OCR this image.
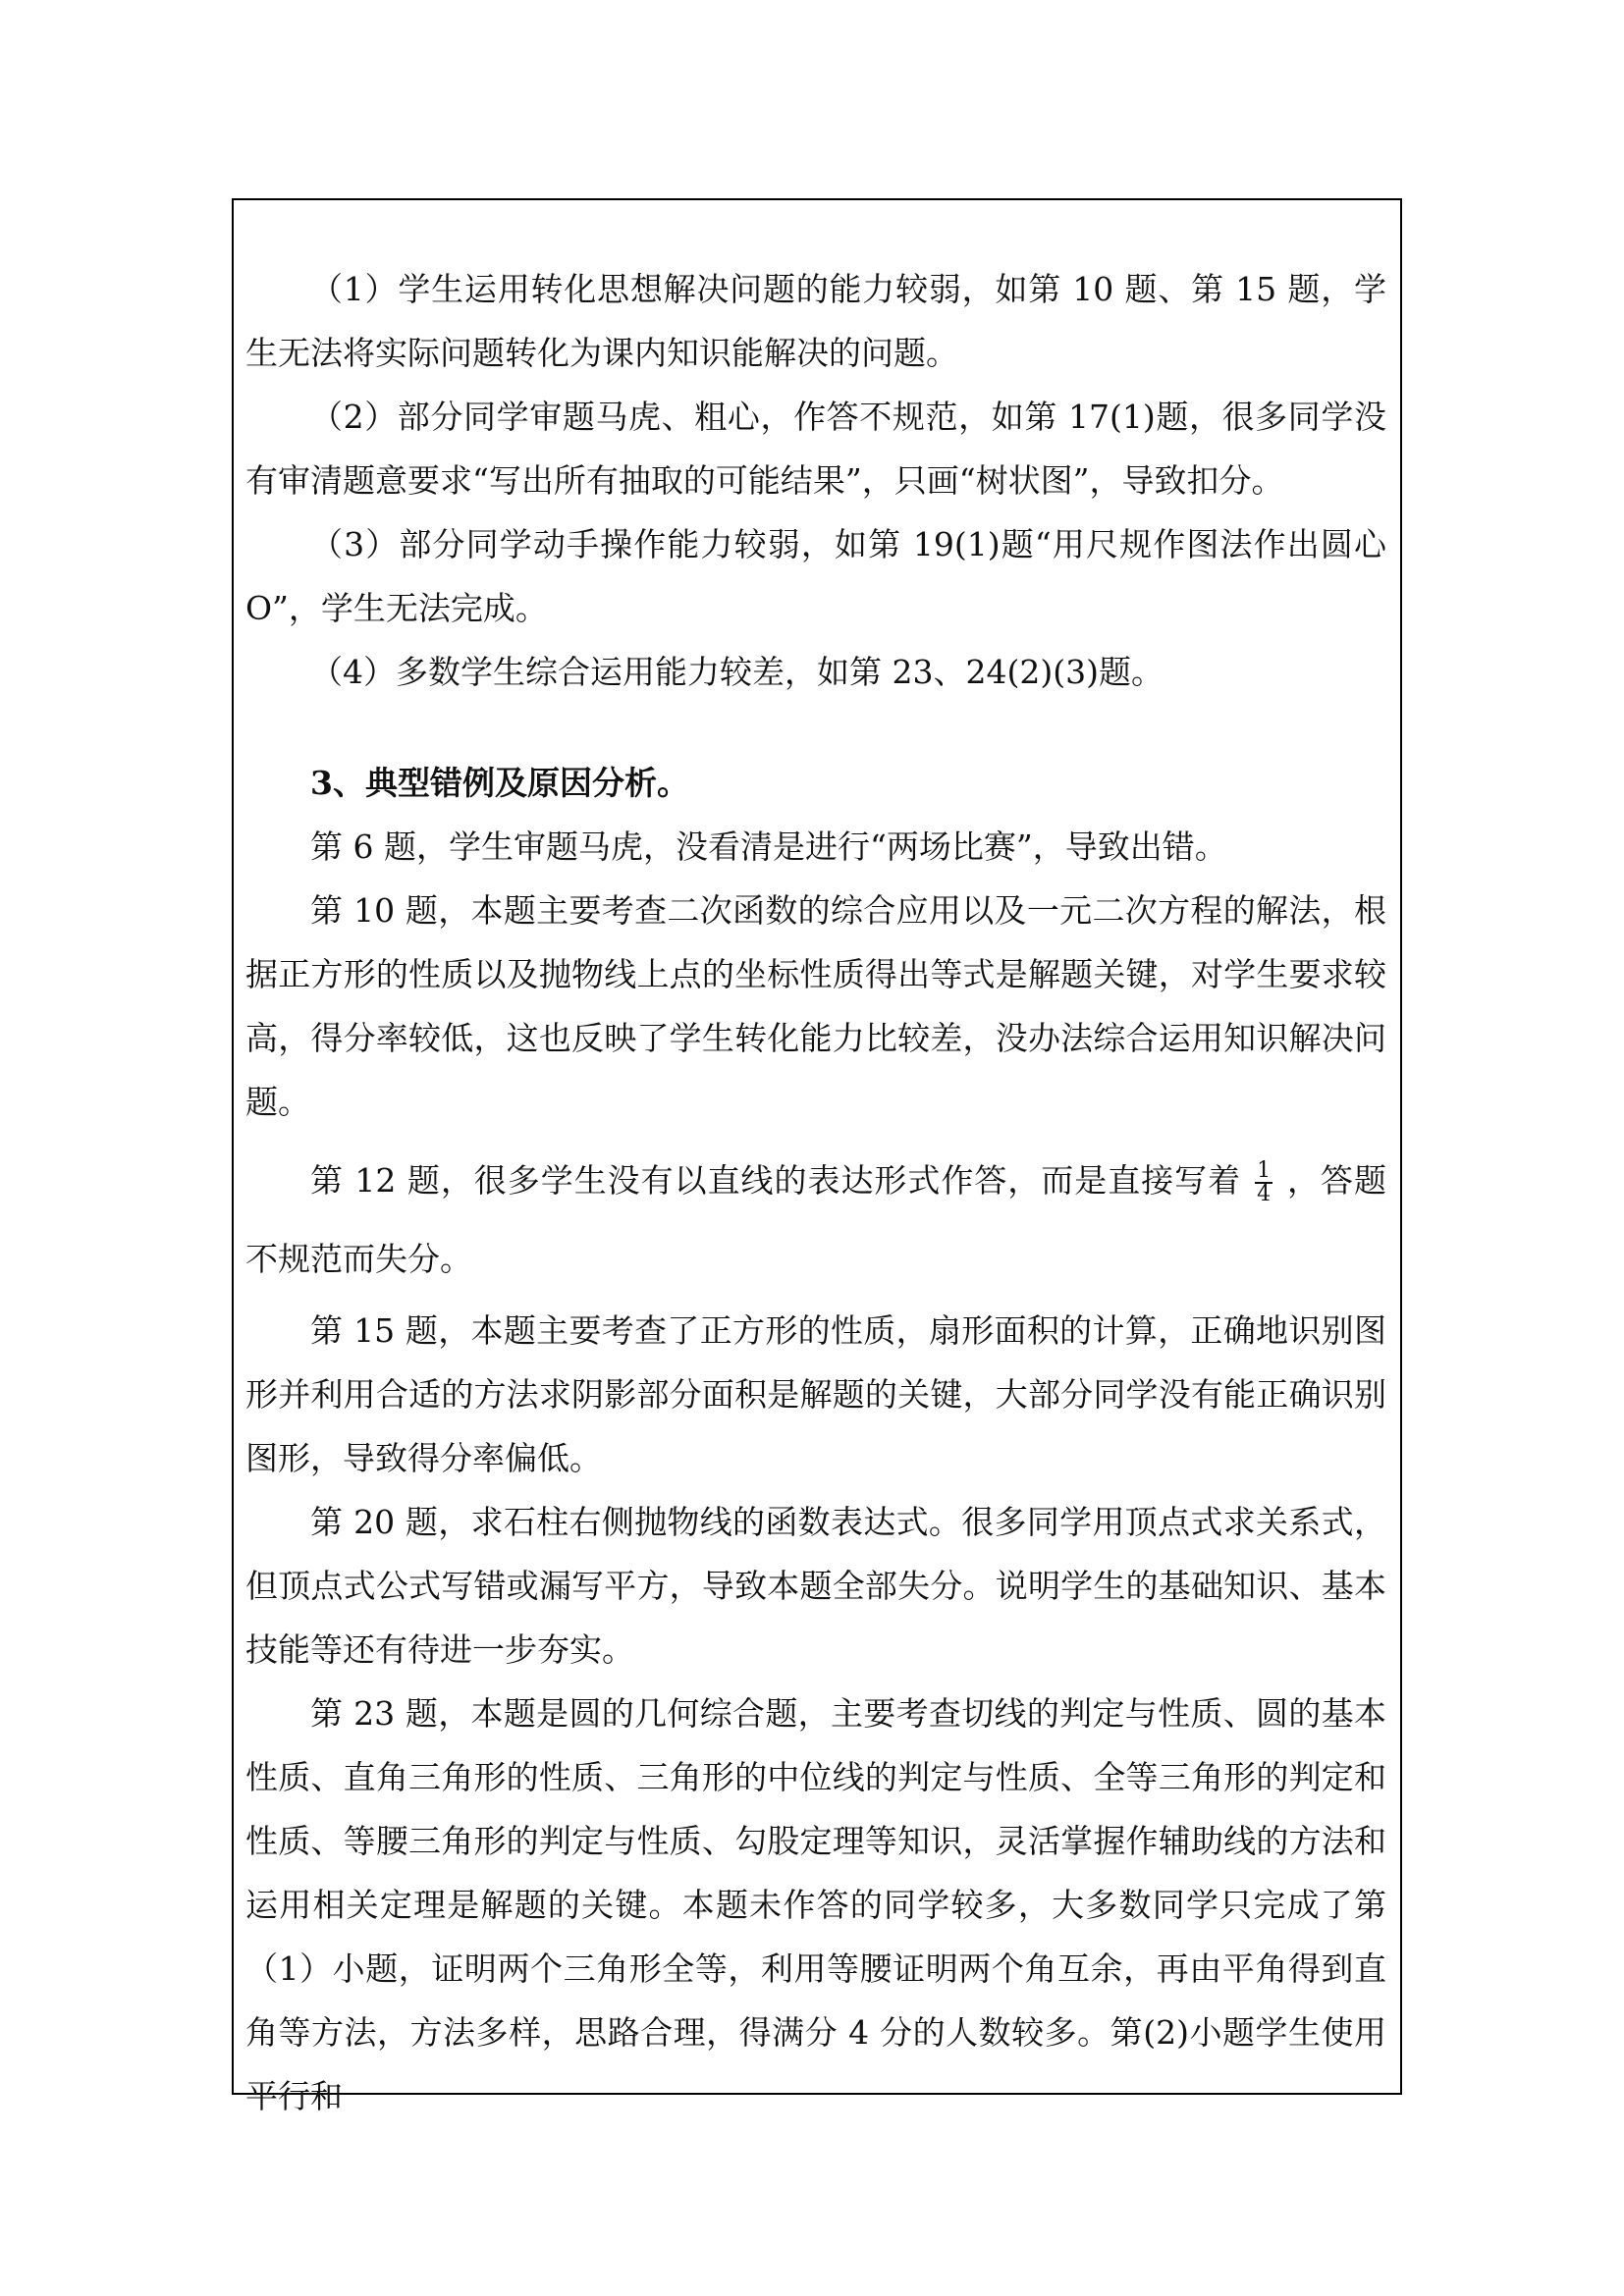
（1）学生运用转化思想解决问题的能力较弱，如第 10 题、第 15 题，学生无法将实际问题转化为课内知识能解决的问题。

（2）部分同学审题马虎、粗心，作答不规范，如第 17(1)题，很多同学没有审清题意要求“写出所有抽取的可能结果”，只画“树状图”，导致扣分。

（3）部分同学动手操作能力较弱，如第 19(1)题“用尺规作图法作出圆心 O”，学生无法完成。

（4）多数学生综合运用能力较差，如第 23、24(2)(3)题。

3、典型错例及原因分析。

第 6 题，学生审题马虎，没看清是进行“两场比赛”，导致出错。

第 10 题，本题主要考查二次函数的综合应用以及一元二次方程的解法，根据正方形的性质以及抛物线上点的坐标性质得出等式是解题关键，对学生要求较高，得分率较低，这也反映了学生转化能力比较差，没办法综合运用知识解决问题。

第 12 题，很多学生没有以直线的表达形式作答，而是直接写着 $\frac{1}{4}$ ，答题不规范而失分。

第 15 题，本题主要考查了正方形的性质，扇形面积的计算，正确地识别图形并利用合适的方法求阴影部分面积是解题的关键，大部分同学没有能正确识别图形，导致得分率偏低。

第 20 题，求石柱右侧抛物线的函数表达式。很多同学用顶点式求关系式，但顶点式公式写错或漏写平方，导致本题全部失分。说明学生的基础知识、基本技能等还有待进一步夯实。

第 23 题，本题是圆的几何综合题，主要考查切线的判定与性质、圆的基本性质、直角三角形的性质、三角形的中位线的判定与性质、全等三角形的判定和性质、等腰三角形的判定与性质、勾股定理等知识，灵活掌握作辅助线的方法和运用相关定理是解题的关键。本题未作答的同学较多，大多数同学只完成了第（1）小题，证明两个三角形全等，利用等腰证明两个角互余，再由平角得到直角等方法，方法多样，思路合理，得满分 4 分的人数较多。第(2)小题学生使用平行和
